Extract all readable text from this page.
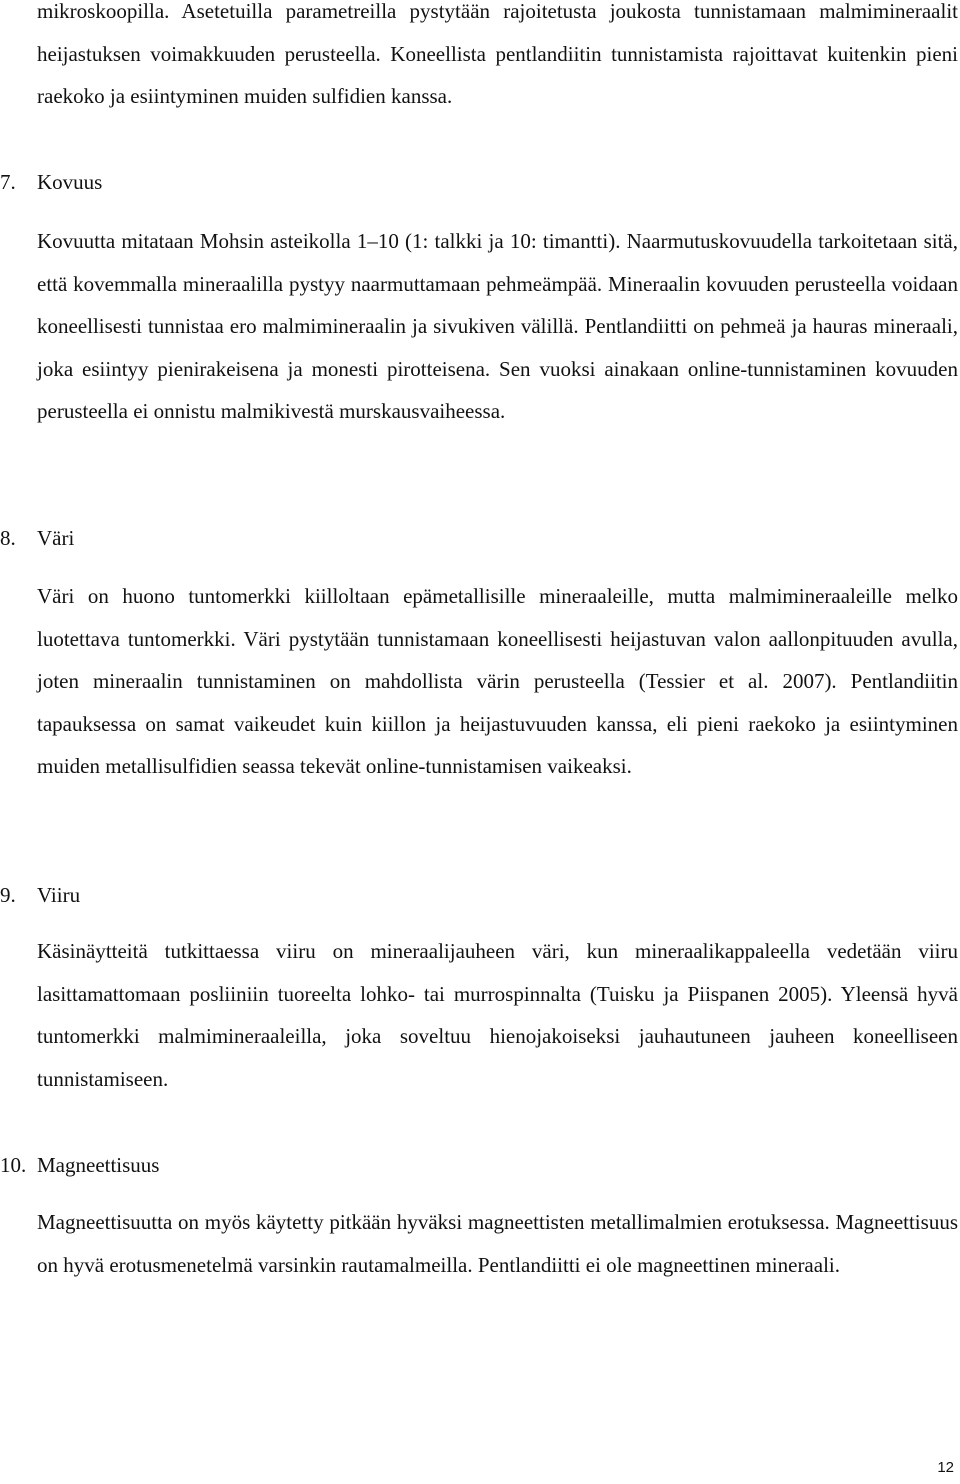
mikroskoopilla. Asetetuilla parametreilla pystytään rajoitetusta joukosta tunnistamaan malmimineraalit heijastuksen voimakkuuden perusteella. Koneellista pentlandiitin tunnistamista rajoittavat kuitenkin pieni raekoko ja esiintyminen muiden sulfidien kanssa.

7. Kovuus

Kovuutta mitataan Mohsin asteikolla 1–10 (1: talkki ja 10: timantti). Naarmutuskovuudella tarkoitetaan sitä, että kovemmalla mineraalilla pystyy naarmuttamaan pehmeämpää. Mineraalin kovuuden perusteella voidaan koneellisesti tunnistaa ero malmimineraalin ja sivukiven välillä. Pentlandiitti on pehmeä ja hauras mineraali, joka esiintyy pienirakeisena ja monesti pirotteisena. Sen vuoksi ainakaan online-tunnistaminen kovuuden perusteella ei onnistu malmikivestä murskausvaiheessa.

8. Väri

Väri on huono tuntomerkki kiilloltaan epämetallisille mineraaleille, mutta malmimineraaleille melko luotettava tuntomerkki. Väri pystytään tunnistamaan koneellisesti heijastuvan valon aallonpituuden avulla, joten mineraalin tunnistaminen on mahdollista värin perusteella (Tessier et al. 2007). Pentlandiitin tapauksessa on samat vaikeudet kuin kiillon ja heijastuvuuden kanssa, eli pieni raekoko ja esiintyminen muiden metallisulfidien seassa tekevät online-tunnistamisen vaikeaksi.

9. Viiru

Käsinäytteitä tutkittaessa viiru on mineraalijauheen väri, kun mineraalikappaleella vedetään viiru lasittamattomaan posliiniin tuoreelta lohko- tai murrospinnalta (Tuisku ja Piispanen 2005). Yleensä hyvä tuntomerkki malmimineraaleilla, joka soveltuu hienojakoiseksi jauhautuneen jauheen koneelliseen tunnistamiseen.

10. Magneettisuus

Magneettisuutta on myös käytetty pitkään hyväksi magneettisten metallimalmien erotuksessa. Magneettisuus on hyvä erotusmenetelmä varsinkin rautamalmeilla. Pentlandiitti ei ole magneettinen mineraali.

12
